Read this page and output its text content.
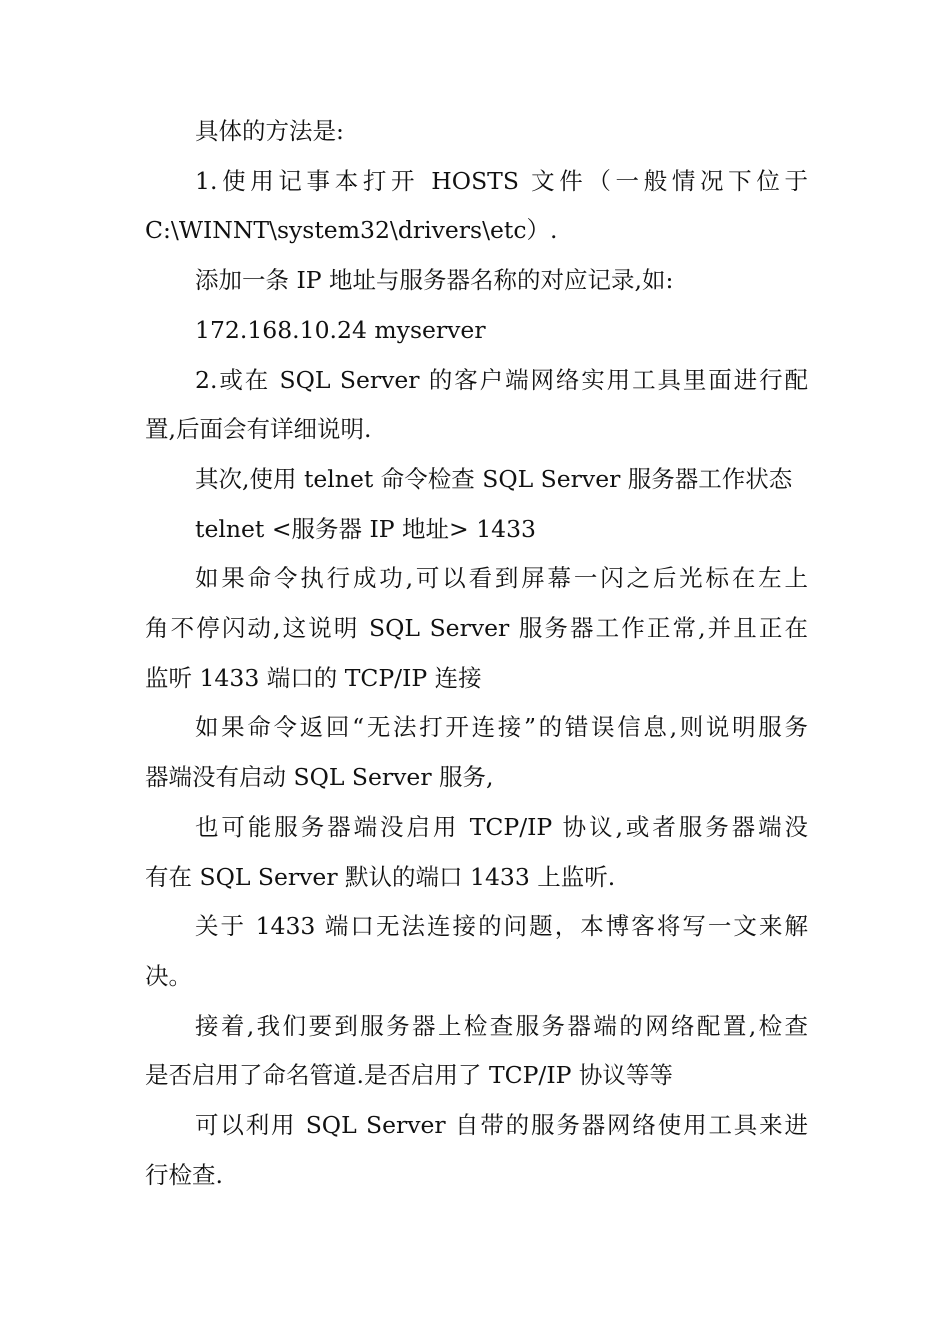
具体的方法是:
1.使用记事本打开 HOSTS 文件（一般情况下位于
C:\WINNT\system32\drivers\etc）.
添加一条 IP 地址与服务器名称的对应记录,如:
172.168.10.24 myserver
2.或在 SQL Server 的客户端网络实用工具里面进行配
置,后面会有详细说明.
其次,使用 telnet 命令检查 SQL Server 服务器工作状态
telnet <服务器 IP 地址> 1433
如果命令执行成功,可以看到屏幕一闪之后光标在左上
角不停闪动,这说明 SQL Server 服务器工作正常,并且正在
监听 1433 端口的 TCP/IP 连接
如果命令返回“无法打开连接”的错误信息,则说明服务
器端没有启动 SQL Server 服务,
也可能服务器端没启用 TCP/IP 协议,或者服务器端没
有在 SQL Server 默认的端口 1433 上监听.
关于 1433 端口无法连接的问题，本博客将写一文来解
决。
接着,我们要到服务器上检查服务器端的网络配置,检查
是否启用了命名管道.是否启用了 TCP/IP 协议等等
可以利用 SQL Server 自带的服务器网络使用工具来进
行检查.
